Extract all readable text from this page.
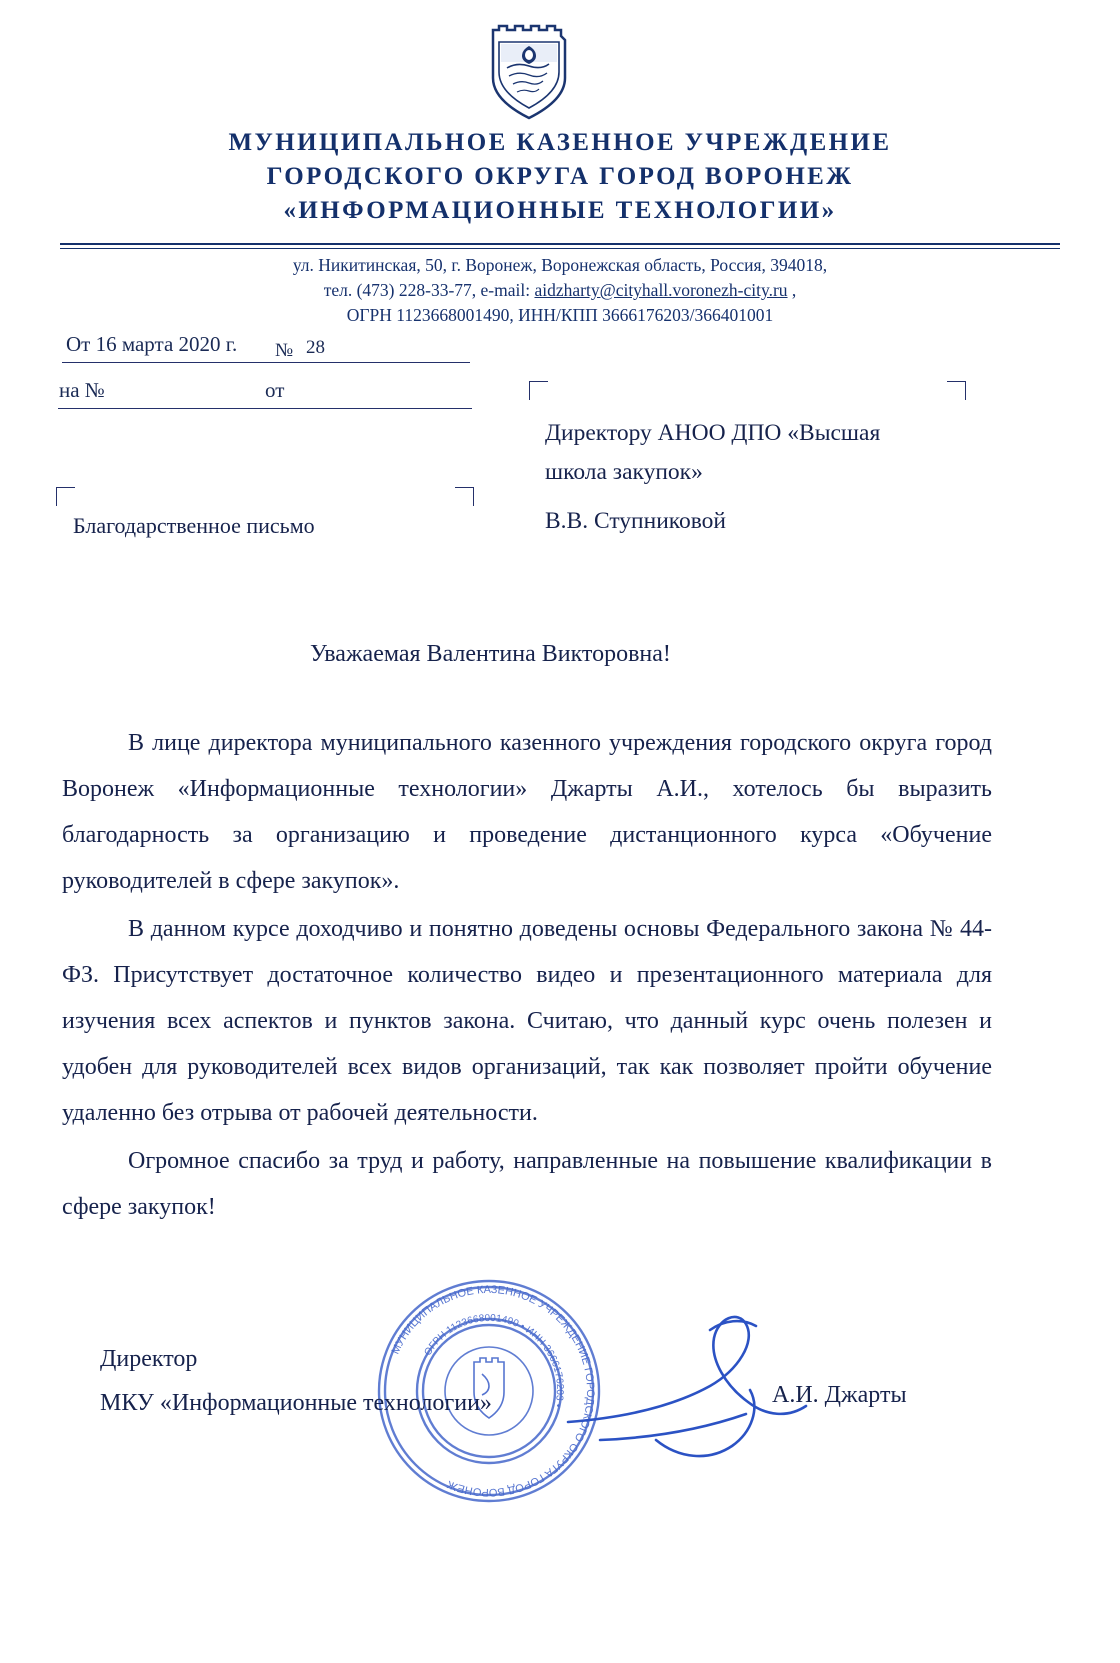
МУНИЦИПАЛЬНОЕ КАЗЕННОЕ УЧРЕЖДЕНИЕ
ГОРОДСКОГО ОКРУГА ГОРОД ВОРОНЕЖ
«ИНФОРМАЦИОННЫЕ ТЕХНОЛОГИИ»
ул. Никитинская, 50, г. Воронеж, Воронежская область, Россия, 394018,
тел. (473) 228-33-77, e-mail: aidzharty@cityhall.voronezh-city.ru ,
ОГРН 1123668001490, ИНН/КПП 3666176203/366401001
От 16 марта 2020 г. № 28
на №	от
Директору АНОО ДПО «Высшая
школа закупок»
В.В. Ступниковой
Благодарственное письмо
Уважаемая Валентина Викторовна!

В лице директора муниципального казенного учреждения городского округа город Воронеж «Информационные технологии» Джарты А.И., хотелось бы выразить благодарность за организацию и проведение дистанционного курса «Обучение руководителей в сфере закупок».

В данном курсе доходчиво и понятно доведены основы Федерального закона № 44-ФЗ. Присутствует достаточное количество видео и презентационного материала для изучения всех аспектов и пунктов закона. Считаю, что данный курс очень полезен и удобен для руководителей всех видов организаций, так как позволяет пройти обучение удаленно без отрыва от рабочей деятельности.

Огромное спасибо за труд и работу, направленные на повышение квалификации в сфере закупок!

МУНИЦИПАЛЬНОЕ КАЗЕННОЕ УЧРЕЖДЕНИЕ ГОРОДСКОГО ОКРУГА ГОРОД ВОРОНЕЖ
ОГРН 1123668001490 • ИНН 3666176203 •
Директор
МКУ «Информационные технологии»	А.И. Джарты
